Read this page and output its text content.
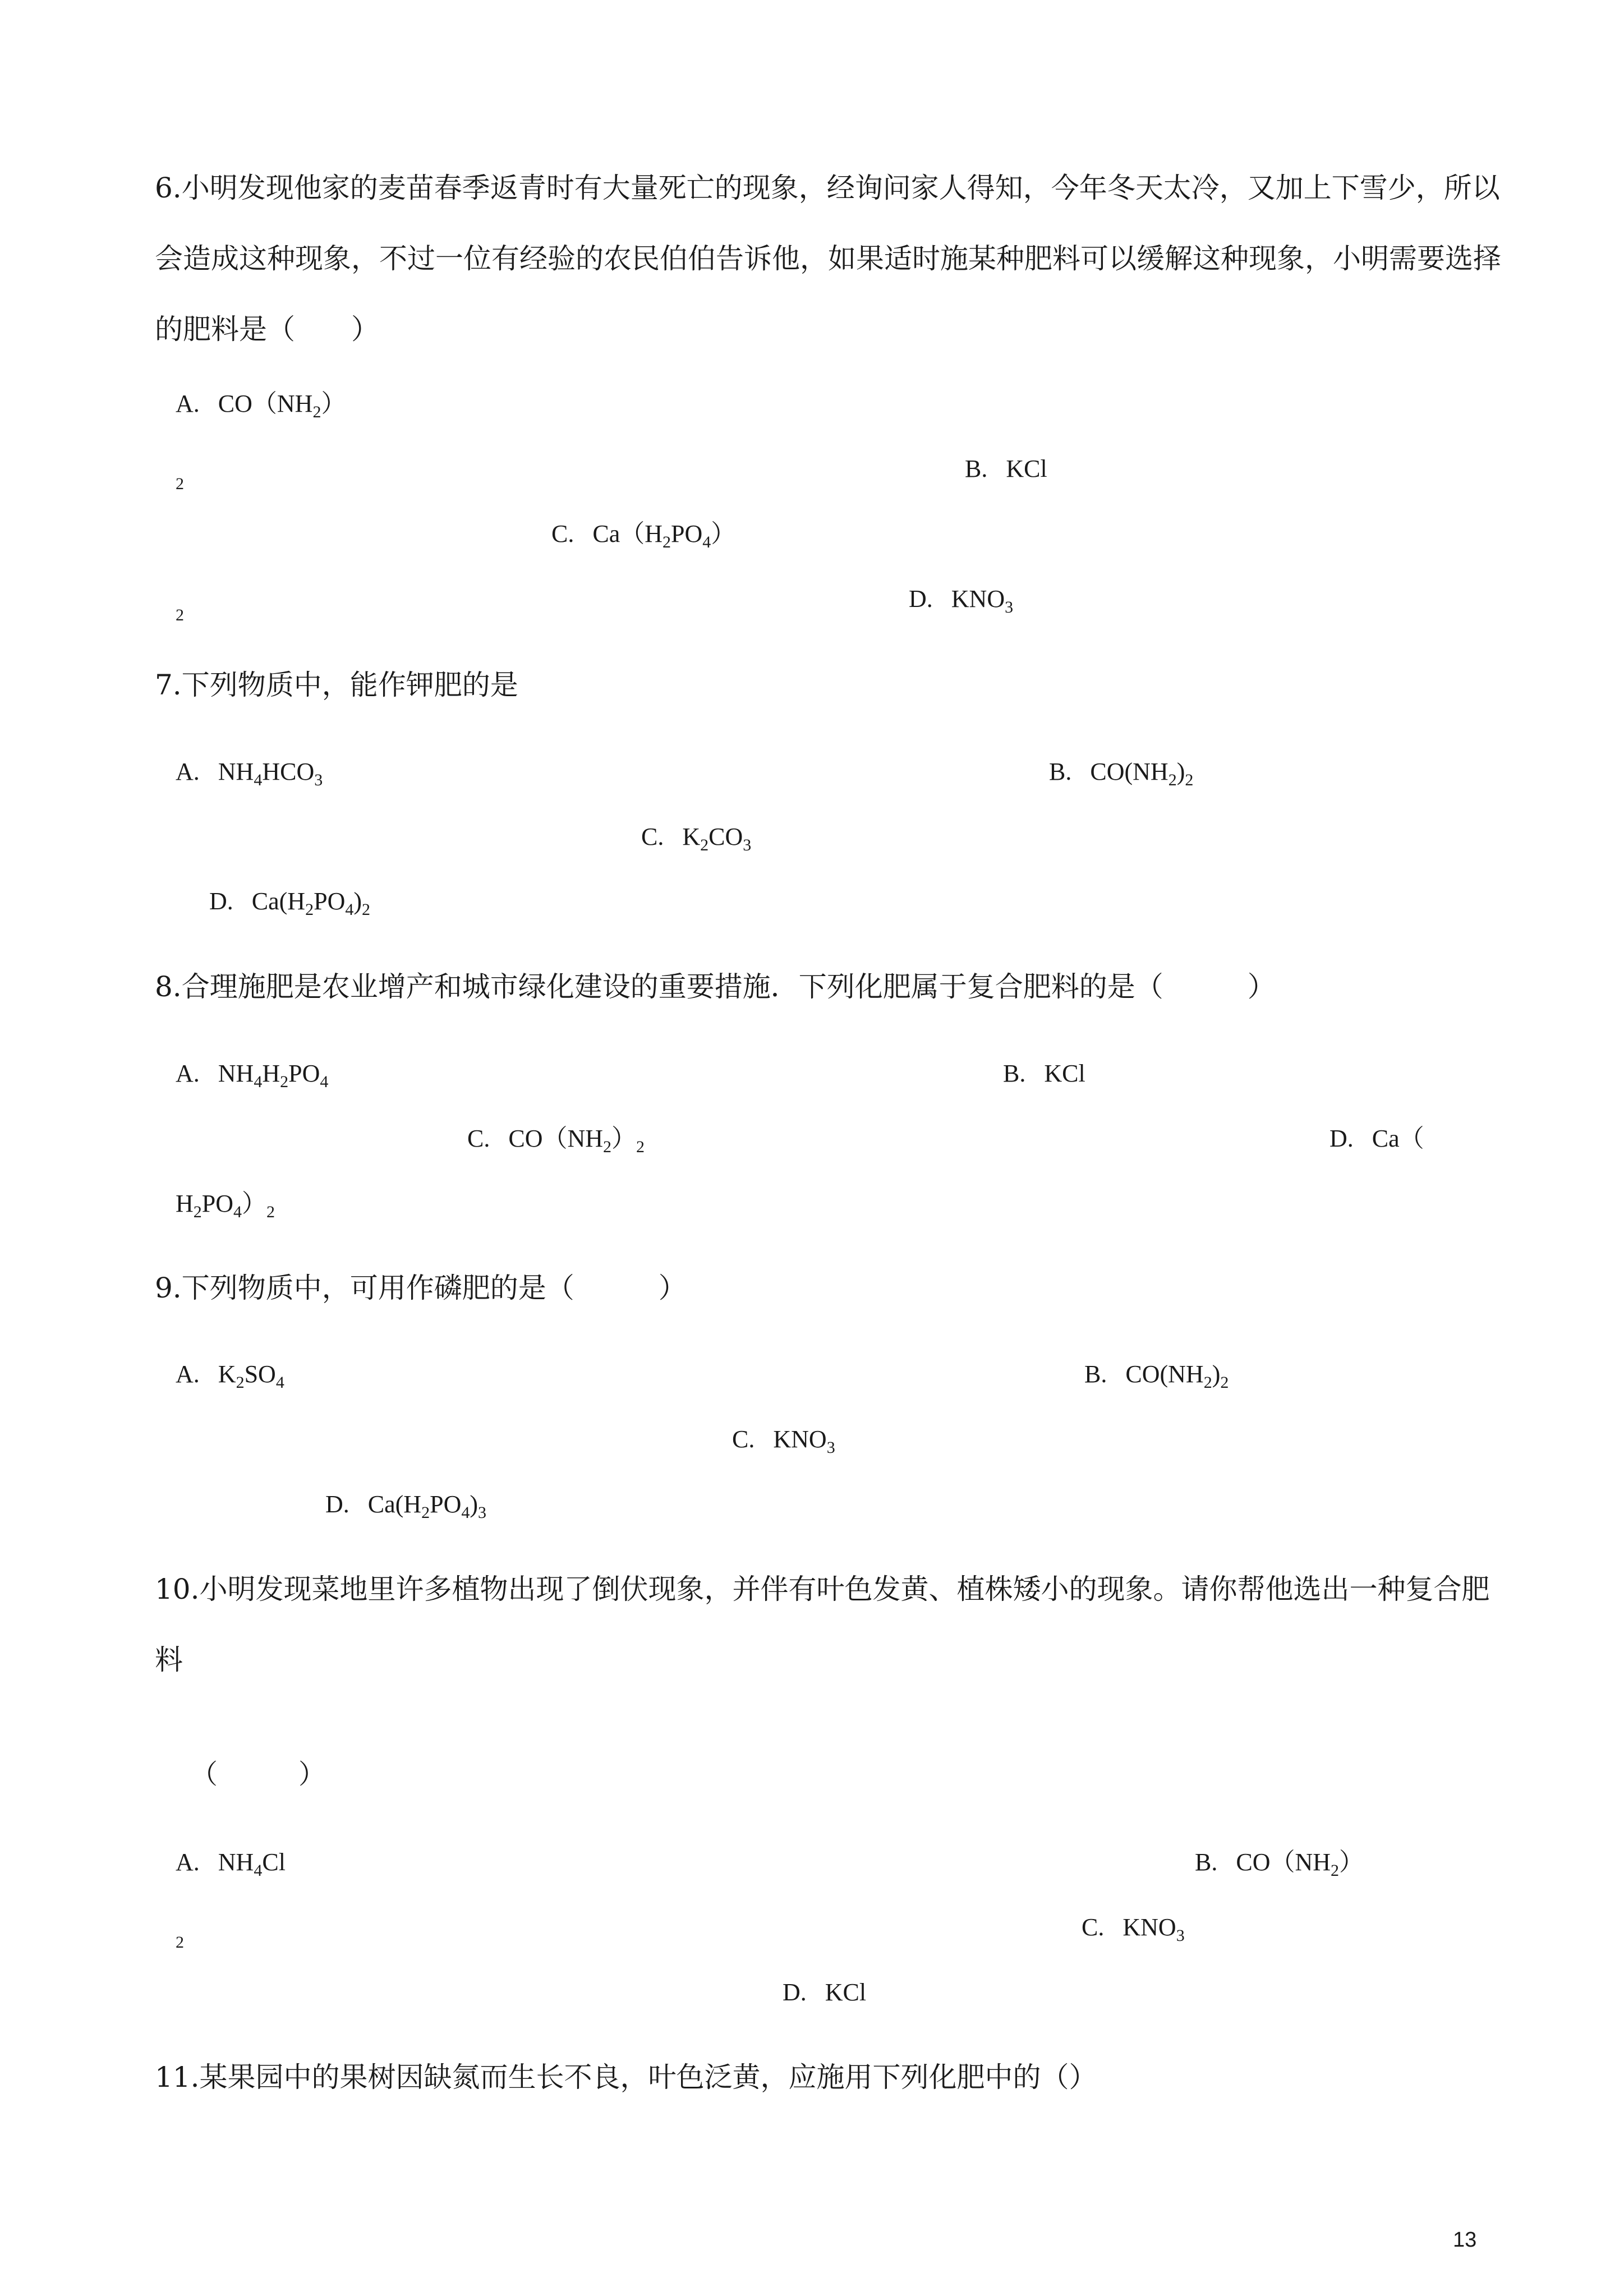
6.小明发现他家的麦苗春季返青时有大量死亡的现象，经询问家人得知，今年冬天太冷，又加上下雪少，所以会造成这种现象，不过一位有经验的农民伯伯告诉他，如果适时施某种肥料可以缓解这种现象，小明需要选择的肥料是（　　）
A. $CO(NH_2)$
$_2$
B. KCl
C. $Ca(H_2PO_4)$
$_2$
D. $KNO_3$
7.下列物质中，能作钾肥的是
A. $NH_4HCO_3$	B. $CO(NH_2)_2$
C. $K_2CO_3$
D. $Ca(H_2PO_4)_2$
8.合理施肥是农业增产和城市绿化建设的重要措施．下列化肥属于复合肥料的是（　　　）
A. $NH_4H_2PO_4$	B. KCl
C. $CO(NH_2)_2$	D. Ca（
$H_2PO_4)_2$
9.下列物质中，可用作磷肥的是（　　　）
A. $K_2SO_4$	B. $CO(NH_2)_2$
C. $KNO_3$
D. $Ca(H_2PO_4)_3$
10.小明发现菜地里许多植物出现了倒伏现象，并伴有叶色发黄、植株矮小的现象。请你帮他选出一种复合肥料
（　　　）
A. $NH_4Cl$	B. $CO(NH_2)$
$_2$
C. $KNO_3$
D. KCl
11.某果园中的果树因缺氮而生长不良，叶色泛黄，应施用下列化肥中的（）
13
